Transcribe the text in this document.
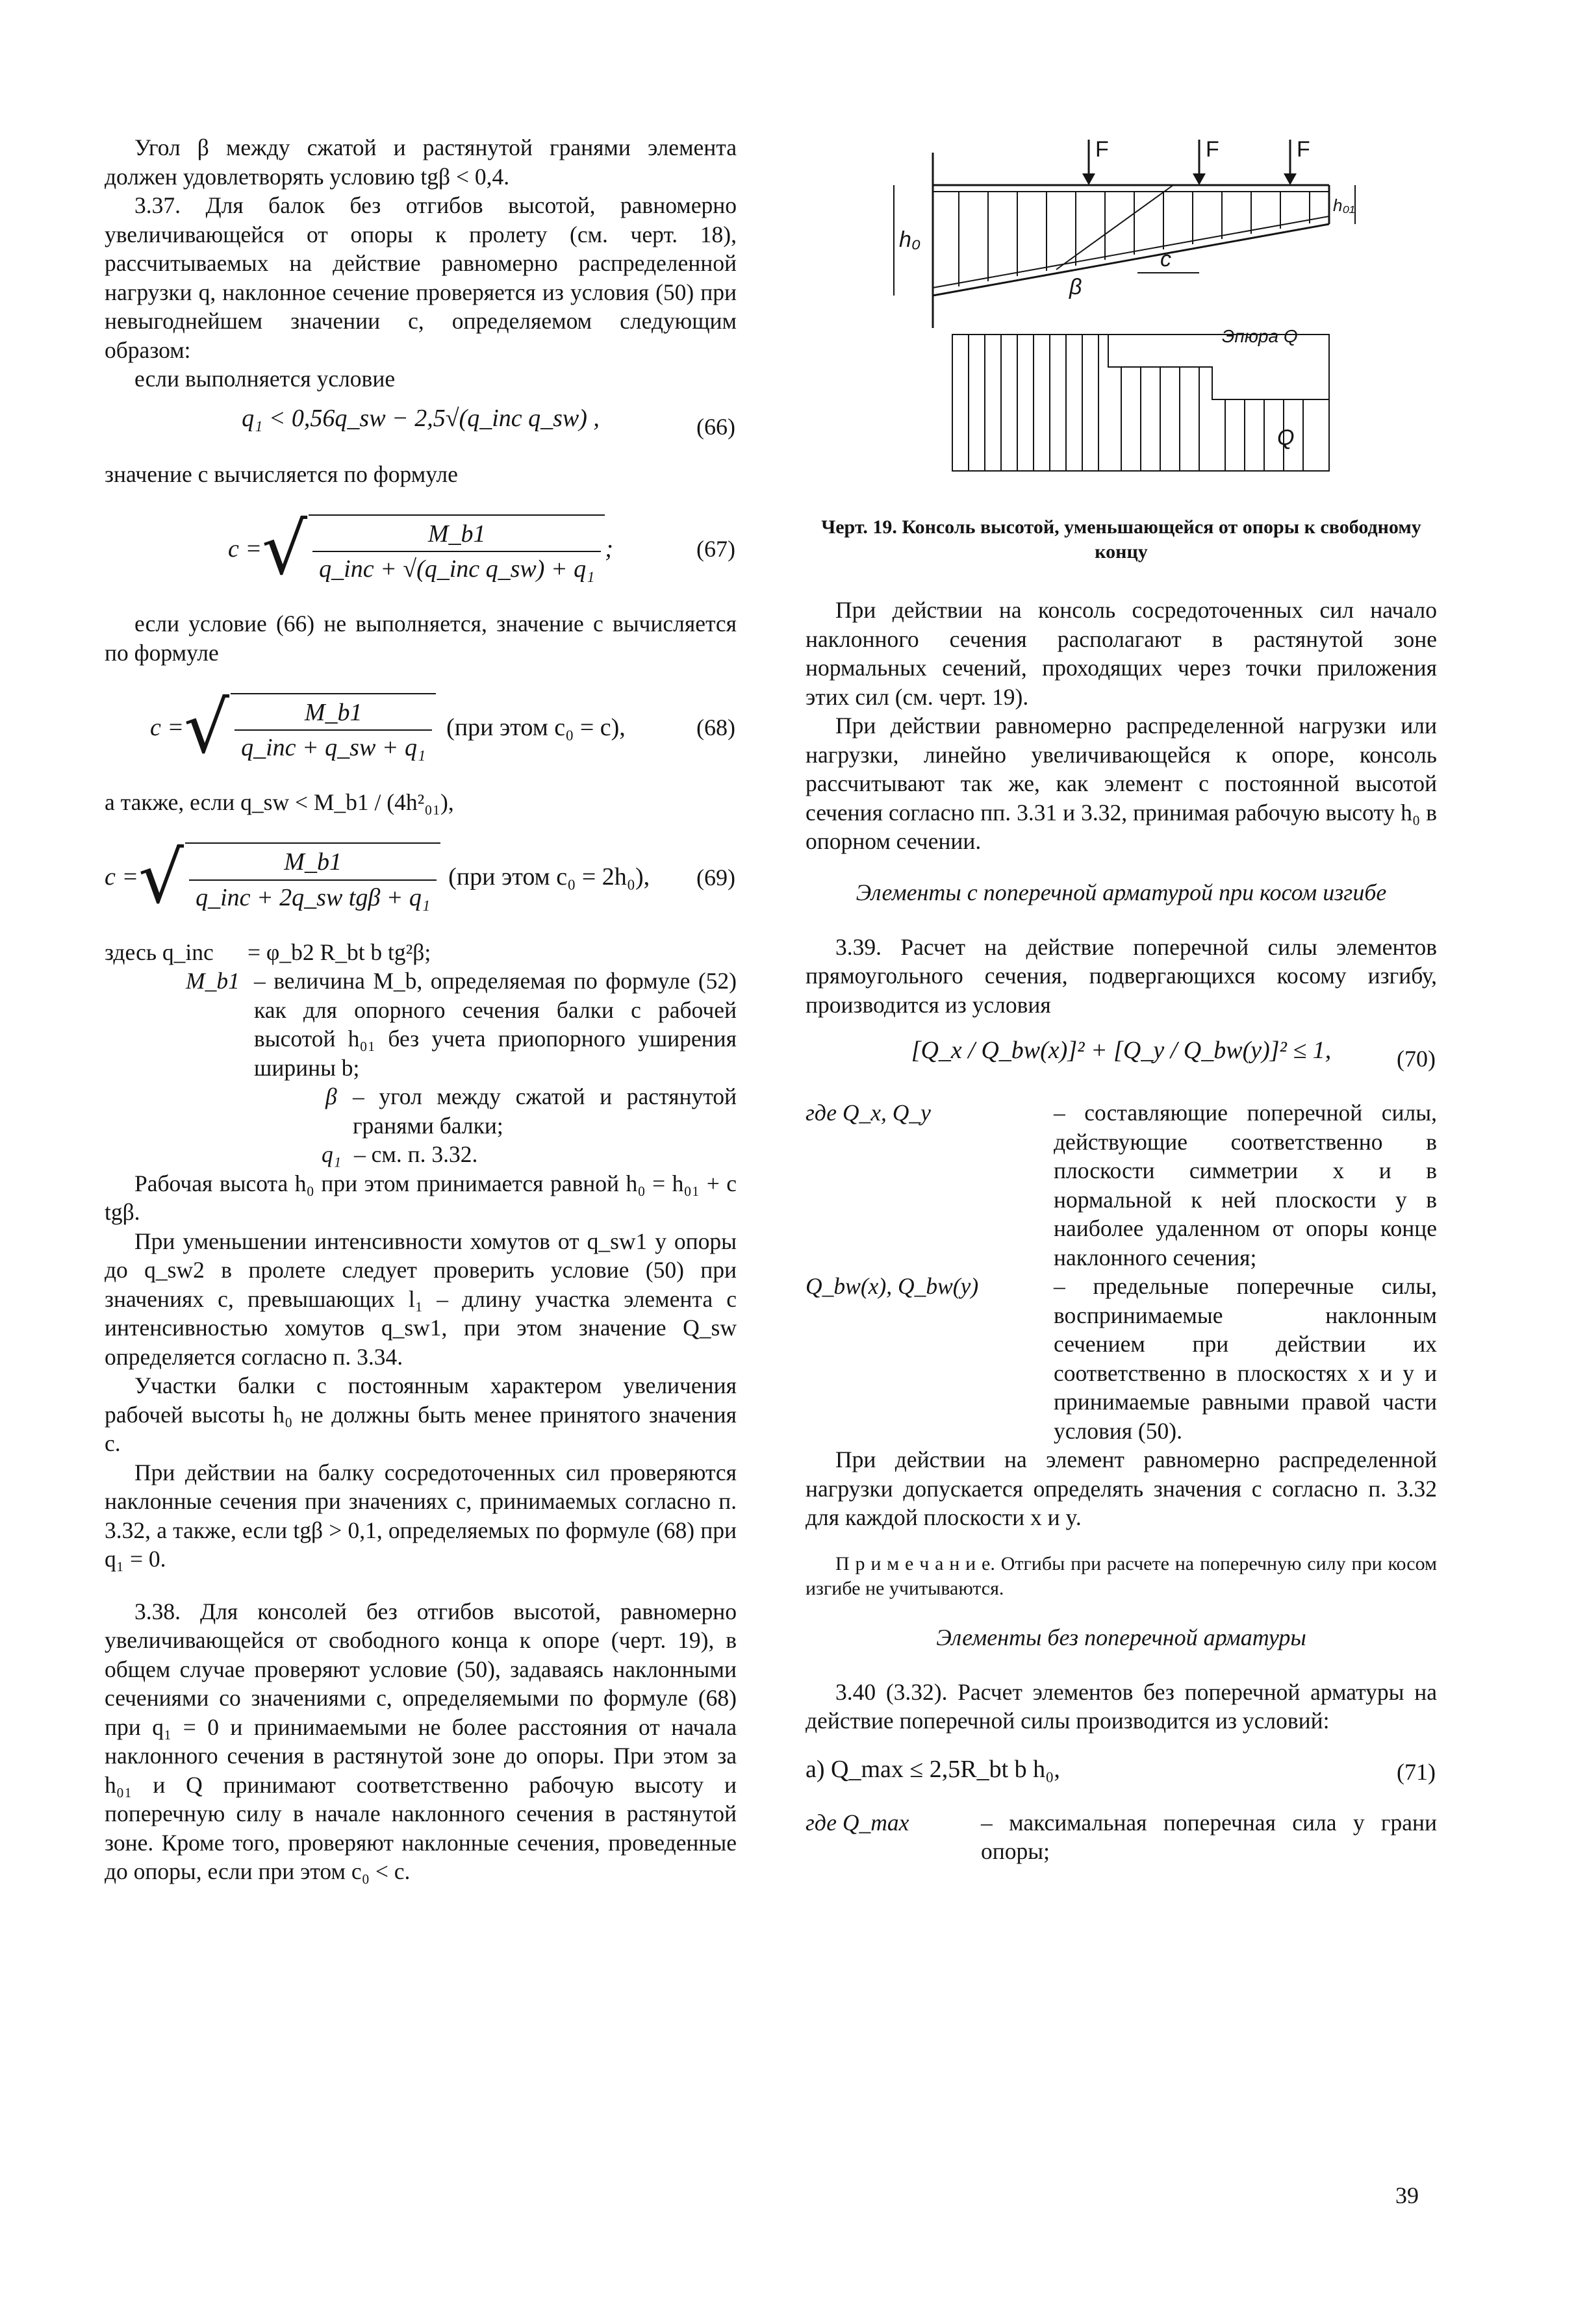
Угол β между сжатой и растянутой гранями элемента должен удовлетворять условию tgβ < 0,4.

3.37. Для балок без отгибов высотой, равномерно увеличивающейся от опоры к пролету (см. черт. 18), рассчитываемых на действие равномерно распределенной нагрузки q, наклонное сечение проверяется из условия (50) при невыгоднейшем значении c, определяемом следующим образом:

если выполняется условие

q₁ < 0,56q_sw − 2,5√(q_inc q_sw) ,	(66)

значение c вычисляется по формуле

c = √ $\frac{M\_b1}{\text{q\_inc + √(q\_inc q\_sw) + q₁}}$ ;	(67)

если условие (66) не выполняется, значение c вычисляется по формуле

c = √ $\frac{M\_b1}{\text{q\_inc + q\_sw + q₁}} (при$ этом c₀ = c),	(68)

а также, если q_sw < M_b1 / (4h²₀₁),

c = √ $\frac{M\_b1}{\text{q\_inc + 2q\_sw tgβ + q₁}} (при$ этом c₀ = 2h₀), (69)
здесь q_inc	= φ_b2 R_bt b tg²β;
M_b1 – величина M_b, определяемая по формуле (52) как для опорного сечения балки с рабочей высотой h₀₁ без учета приопорного уширения ширины b;
β – угол между сжатой и растянутой гранями балки;
q₁ – см. п. 3.32.

Рабочая высота h₀ при этом принимается равной h₀ = h₀₁ + c tgβ.

При уменьшении интенсивности хомутов от q_sw1 у опоры до q_sw2 в пролете следует проверить условие (50) при значениях c, превышающих l₁ – длину участка элемента с интенсивностью хомутов q_sw1, при этом значение Q_sw определяется согласно п. 3.34.

Участки балки с постоянным характером увеличения рабочей высоты h₀ не должны быть менее принятого значения c.

При действии на балку сосредоточенных сил проверяются наклонные сечения при значениях c, принимаемых согласно п. 3.32, а также, если tgβ > 0,1, определяемых по формуле (68) при q₁ = 0.

3.38. Для консолей без отгибов высотой, равномерно увеличивающейся от свободного конца к опоре (черт. 19), в общем случае проверяют условие (50), задаваясь наклонными сечениями со значениями c, определяемыми по формуле (68) при q₁ = 0 и принимаемыми не более расстояния от начала наклонного сечения в растянутой зоне до опоры. При этом за h₀₁ и Q принимают соответственно рабочую высоту и поперечную силу в начале наклонного сечения в растянутой зоне. Кроме того, проверяют наклонные сечения, проведенные до опоры, если при этом c₀ < c.

F	F	F
h₀
h₀₁
β
c
Эпюра Q
Q
Черт. 19. Консоль высотой, уменьшающейся от опоры к свободному концу

При действии на консоль сосредоточенных сил начало наклонного сечения располагают в растянутой зоне нормальных сечений, проходящих через точки приложения этих сил (см. черт. 19).

При действии равномерно распределенной нагрузки или нагрузки, линейно увеличивающейся к опоре, консоль рассчитывают так же, как элемент с постоянной высотой сечения согласно пп. 3.31 и 3.32, принимая рабочую высоту h₀ в опорном сечении.

Элементы с поперечной арматурой при косом изгибе

3.39. Расчет на действие поперечной силы элементов прямоугольного сечения, подвергающихся косому изгибу, производится из условия

[Q_x / Q_bw(x)]² + [Q_y / Q_bw(y)]² ≤ 1,	(70)
где Q_x, Q_y	– составляющие поперечной силы, действующие соответственно в плоскости симметрии x и в нормальной к ней плоскости y в наиболее удаленном от опоры конце наклонного сечения;
Q_bw(x), Q_bw(y)	– предельные поперечные силы, воспринимаемые наклонным сечением при действии их соответственно в плоскостях x и y и принимаемые равными правой части условия (50).

При действии на элемент равномерно распределенной нагрузки допускается определять значения c согласно п. 3.32 для каждой плоскости x и y.

П р и м е ч а н и е. Отгибы при расчете на поперечную силу при косом изгибе не учитываются.

Элементы без поперечной арматуры

3.40 (3.32). Расчет элементов без поперечной арматуры на действие поперечной силы производится из условий:

а) Q_max ≤ 2,5R_bt b h₀,	(71)
где Q_max	– максимальная поперечная сила у грани опоры;
39
